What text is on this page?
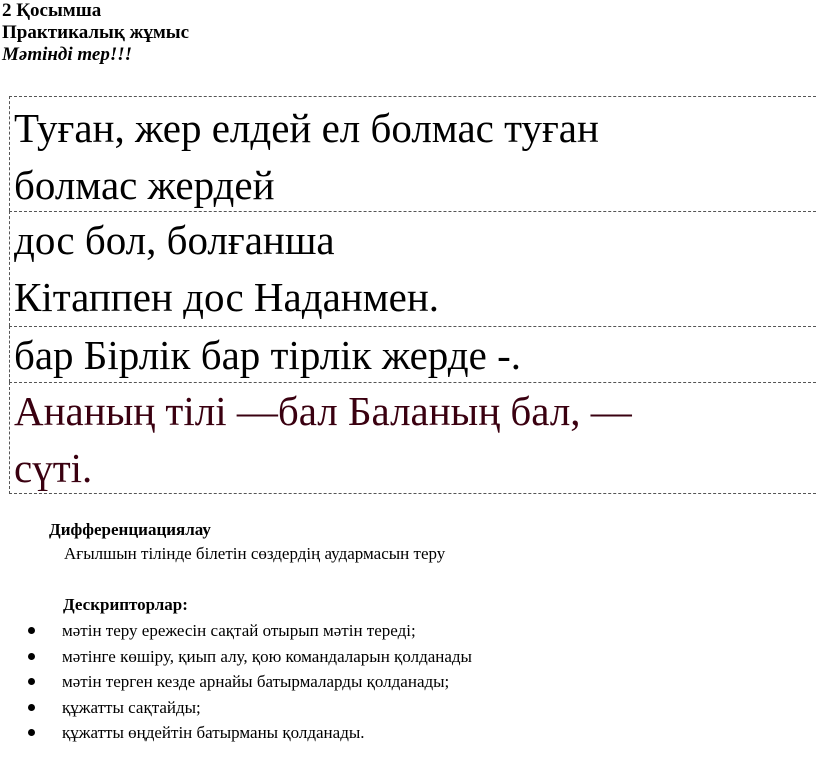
2 Қосымша
Практикалық жұмыс
Мәтінді тер!!!
Туған, жер елдей ел болмас туған
болмас жердей
дос бол, болғанша
Кітаппен дос Наданмен.
бар Бірлік бар тірлік жерде -.
Ананың тілі —бал Баланың бал, —
сүті.
Дифференциациялау
Ағылшын тілінде білетін сөздердің аудармасын теру
Дескрипторлар:
мәтін теру ережесін сақтай отырып мәтін тереді;
мәтінге көшіру, қиып алу, қою командаларын қолданады
мәтін терген кезде арнайы батырмаларды қолданады;
құжатты сақтайды;
құжатты өңдейтін батырманы қолданады.
